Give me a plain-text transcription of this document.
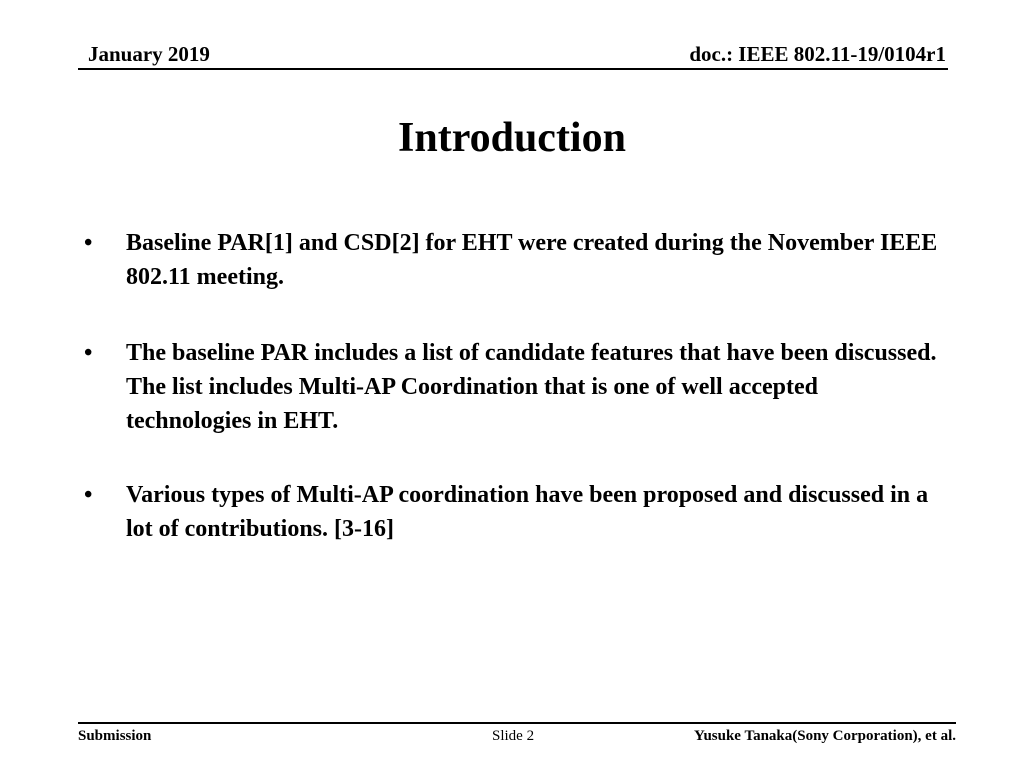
January 2019	doc.: IEEE 802.11-19/0104r1
Introduction
• Baseline PAR[1] and CSD[2] for EHT were created during the November IEEE 802.11 meeting.
• The baseline PAR includes a list of candidate features that have been discussed. The list includes Multi-AP Coordination that is one of well accepted technologies in EHT.
• Various types of Multi-AP coordination have been proposed and discussed in a lot of contributions. [3-16]
Submission	Slide 2	Yusuke Tanaka(Sony Corporation), et al.
